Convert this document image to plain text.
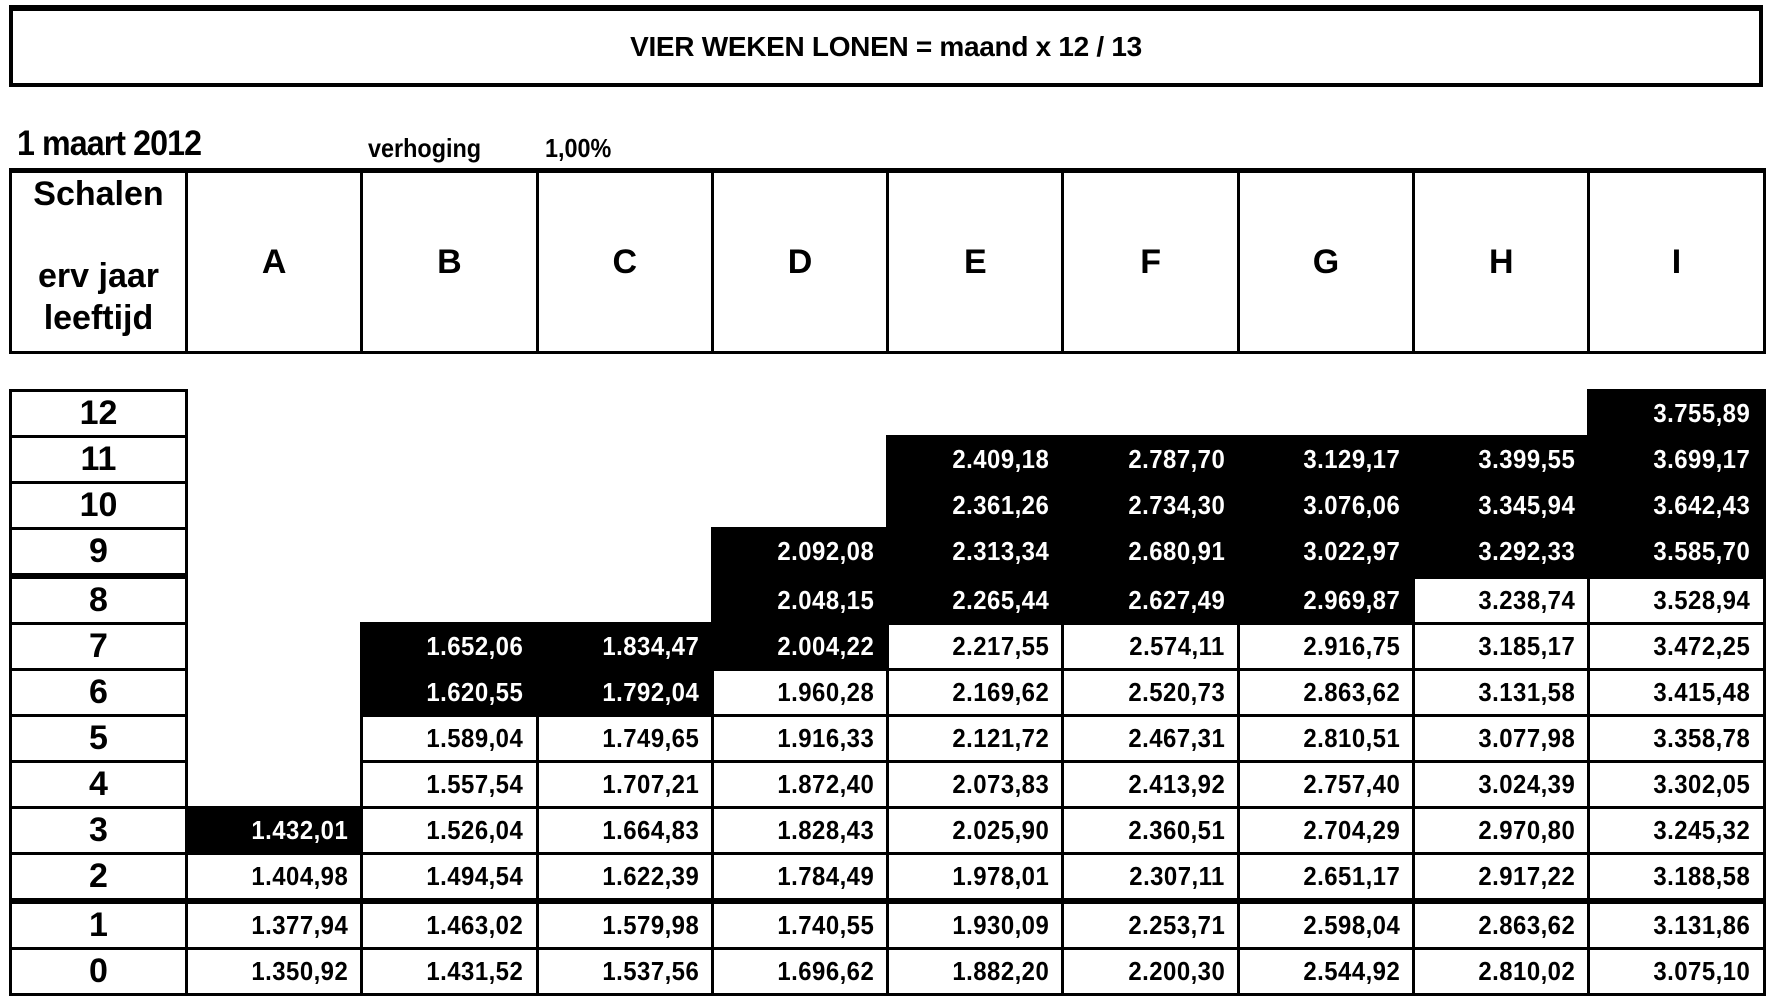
VIER WEKEN LONEN = maand x 12 / 13
1 maart 2012	verhoging 1,00%
Schalen
erv jaar
leeftijd
	A	B	C	D	E	F	G	H	I
12									3.755,89
11					2.409,18	2.787,70	3.129,17	3.399,55	3.699,17
10					2.361,26	2.734,30	3.076,06	3.345,94	3.642,43
9				2.092,08	2.313,34	2.680,91	3.022,97	3.292,33	3.585,70
8				2.048,15	2.265,44	2.627,49	2.969,87	3.238,74	3.528,94
7		1.652,06	1.834,47	2.004,22	2.217,55	2.574,11	2.916,75	3.185,17	3.472,25
6		1.620,55	1.792,04	1.960,28	2.169,62	2.520,73	2.863,62	3.131,58	3.415,48
5		1.589,04	1.749,65	1.916,33	2.121,72	2.467,31	2.810,51	3.077,98	3.358,78
4		1.557,54	1.707,21	1.872,40	2.073,83	2.413,92	2.757,40	3.024,39	3.302,05
3	1.432,01	1.526,04	1.664,83	1.828,43	2.025,90	2.360,51	2.704,29	2.970,80	3.245,32
2	1.404,98	1.494,54	1.622,39	1.784,49	1.978,01	2.307,11	2.651,17	2.917,22	3.188,58
1	1.377,94	1.463,02	1.579,98	1.740,55	1.930,09	2.253,71	2.598,04	2.863,62	3.131,86
0	1.350,92	1.431,52	1.537,56	1.696,62	1.882,20	2.200,30	2.544,92	2.810,02	3.075,10
